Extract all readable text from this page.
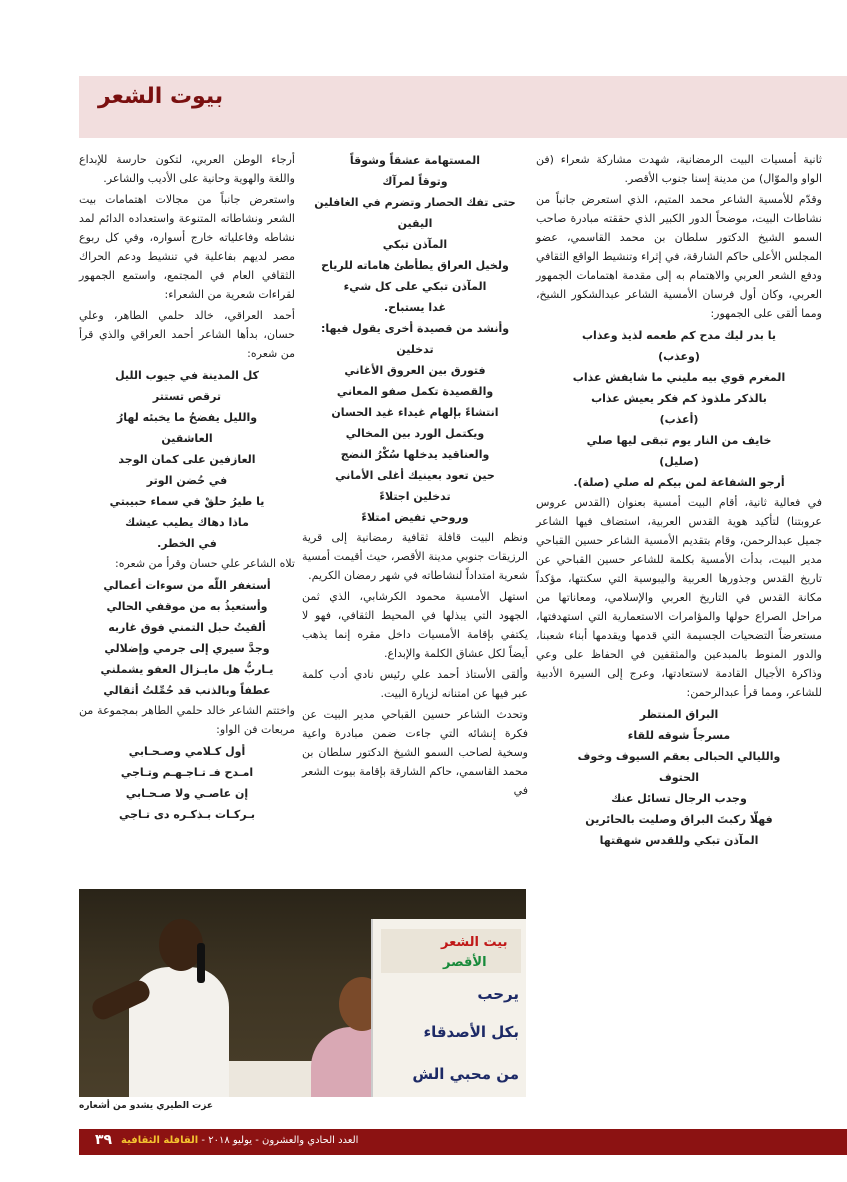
بيوت الشعر

ثانية أمسيات البيت الرمضانية، شهدت مشاركة شعراء (فن الواو والموّال) من مدينة إسنا جنوب الأقصر.

وقدّم للأمسية الشاعر محمد المتيم، الذي استعرض جانباً من نشاطات البيت، موضحاً الدور الكبير الذي حققته مبادرة صاحب السمو الشيخ الدكتور سلطان بن محمد القاسمي، عضو المجلس الأعلى حاكم الشارقة، في إثراء وتنشيط الواقع الثقافي ودفع الشعر العربي والاهتمام به إلى مقدمة اهتمامات الجمهور العربي، وكان أول فرسان الأمسية الشاعر عبدالشكور الشيخ، ومما ألقى على الجمهور:

يا بدر ليك مدح كم طعمه لذيذ وعذاب
(وعذب)
المغرم قوي بيه مليني ما شايفش عذاب
بالذكر ملذوذ كم فكر يعيش عذاب
(أعذب)
خايف من النار يوم تبقى ليها صلي
(صليل)
أرجو الشفاعة لمن بيكم له صلي (صلة).

في فعالية ثانية، أقام البيت أمسية بعنوان (القدس عروس عروبتنا) لتأكيد هوية القدس العربية، استضاف فيها الشاعر جميل عبدالرحمن، وقام بتقديم الأمسية الشاعر حسين القباحي مدير البيت، بدأت الأمسية بكلمة للشاعر حسين القباحي عن تاريخ القدس وجذورها العربية واليبوسية التي سكنتها، مؤكداً مكانة القدس في التاريخ العربي والإسلامي، ومعاناتها من مراحل الصراع حولها والمؤامرات الاستعمارية التي استهدفتها، مستعرضاً التضحيات الجسيمة التي قدمها ويقدمها أبناء شعبنا، والدور المنوط بالمبدعين والمثقفين في الحفاظ على وعي وذاكرة الأجيال القادمة لاستعادتها، وعرج إلى السيرة الأدبية للشاعر، ومما قرأ عبدالرحمن:

البراق المنتظر
مسرجاً شوقه للقاء
والليالي الحبالى بعقم السيوف وخوف
الحتوف
وجدب الرجال تسائل عنك
فهلّا ركبتَ البراق وصليت بالحائرين
المآذن تبكي وللقدس شهقتها
المستهامة عشقاً وشوقاً
وتوقاً لمرآك
حتى تفك الحصار وتضرم في الغافلين
اليقين
المآذن تبكي
ولخيل العراق يطأطئ هاماته للرياح
المآذن تبكي على كل شيء
غدا يستباح.
وأنشد من قصيدة أخرى يقول فيها:
تدخلين
فتورق بين العروق الأغاني
والقصيدة تكمل صفو المعاني
انتشاءً بإلهام غيداء غيد الحسان
ويكتمل الورد بين المخالي
والعناقيد يدخلها سُكْرُ النضج
حين تعود بعينيك أغلى الأماني
تدخلين اجتلاءً
وروحي تفيض امتلاءً

ونظم البيت قافلة ثقافية رمضانية إلى قرية الرزيقات جنوبي مدينة الأقصر، حيث أقيمت أمسية شعرية امتداداً لنشاطاته في شهر رمضان الكريم.

استهل الأمسية محمود الكرشابي، الذي ثمن الجهود التي يبذلها في المحيط الثقافي، فهو لا يكتفي بإقامة الأمسيات داخل مقره إنما يذهب أيضاً لكل عشاق الكلمة والإبداع.

وألقى الأستاذ أحمد علي رئيس نادي أدب كلمة عبر فيها عن امتنانه لزيارة البيت.

وتحدث الشاعر حسين القباحي مدير البيت عن فكرة إنشائه التي جاءت ضمن مبادرة واعية وسخية لصاحب السمو الشيخ الدكتور سلطان بن محمد القاسمي، حاكم الشارقة بإقامة بيوت الشعر في

أرجاء الوطن العربي، لتكون حارسة للإبداع واللغة والهوية وحانية على الأديب والشاعر.

واستعرض جانباً من مجالات اهتمامات بيت الشعر ونشاطاته المتنوعة واستعداده الدائم لمد نشاطه وفاعلياته خارج أسواره، وفي كل ربوع مصر لديهم بفاعلية في تنشيط ودعم الحراك الثقافي العام في المجتمع، واستمع الجمهور لقراءات شعرية من الشعراء:

أحمد العراقي، خالد حلمي الطاهر، وعلي حسان، بدأها الشاعر أحمد العراقي والذي قرأ من شعره:

كل المدينة في جيوب الليل
ترقص تستتر
والليل يفضحُ ما يخبئه لهارُ
العاشقين
العازفين على كمان الوجد
في حُضن الوتر
يا طيرُ حلقْ في سماء حبيبتي
ماذا دهاك يطيب عيشك
في الخطر.

تلاه الشاعر علي حسان وقرأ من شعره:

أستغفر اللّه من سوءات أعمالي
وأستعيذُ به من موقفي الحالي
ألقيتُ حبل التمني فوق غاربه
وجدَّ سيري إلى جرمي وإضلالي
يـاربُّ هل مايـزال العفو يشملني
عطفاً وبالذنب قد حُمِّلتُ أثقالي

واختتم الشاعر خالد حلمي الطاهر بمجموعة من مربعات فن الواو:

أول كـلامي وصـحـابي
امـدح فـ تـاجـهـم وتـاجي
إن عاصـي ولا صـحـابي
بـركـات بـذكـره دى تـاجي
بيت الشعر
الأقصر
يرحب
بكل الأصدقاء
من محبي الش
عزت الطيري يشدو من أشعاره
٣٩	العدد الحادي والعشرون - يوليو ٢٠١٨ - القافلة الثقافية
